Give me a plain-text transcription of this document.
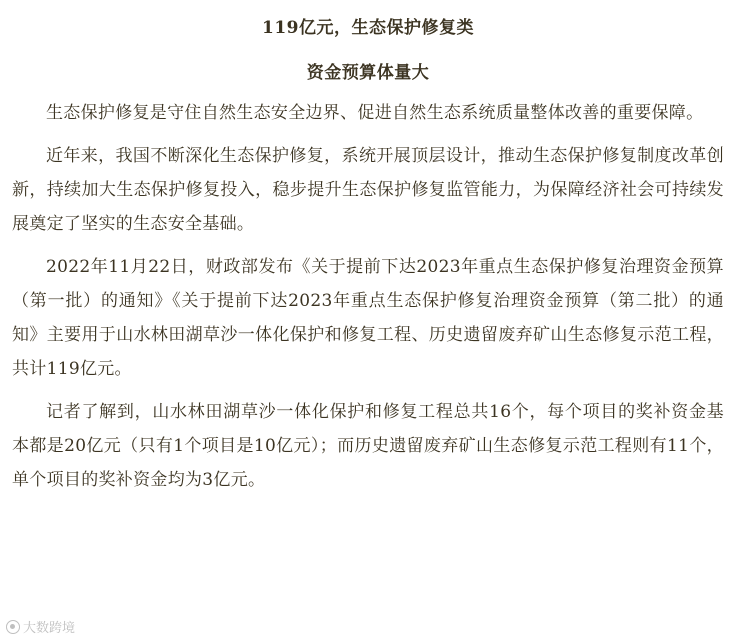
119亿元，生态保护修复类
资金预算体量大

生态保护修复是守住自然生态安全边界、促进自然生态系统质量整体改善的重要保障。

近年来，我国不断深化生态保护修复，系统开展顶层设计，推动生态保护修复制度改革创新，持续加大生态保护修复投入，稳步提升生态保护修复监管能力，为保障经济社会可持续发展奠定了坚实的生态安全基础。

2022年11月22日，财政部发布《关于提前下达2023年重点生态保护修复治理资金预算（第一批）的通知》《关于提前下达2023年重点生态保护修复治理资金预算（第二批）的通知》主要用于山水林田湖草沙一体化保护和修复工程、历史遗留废弃矿山生态修复示范工程，共计119亿元。

记者了解到，山水林田湖草沙一体化保护和修复工程总共16个，每个项目的奖补资金基本都是20亿元（只有1个项目是10亿元）；而历史遗留废弃矿山生态修复示范工程则有11个，单个项目的奖补资金均为3亿元。

大数跨境
